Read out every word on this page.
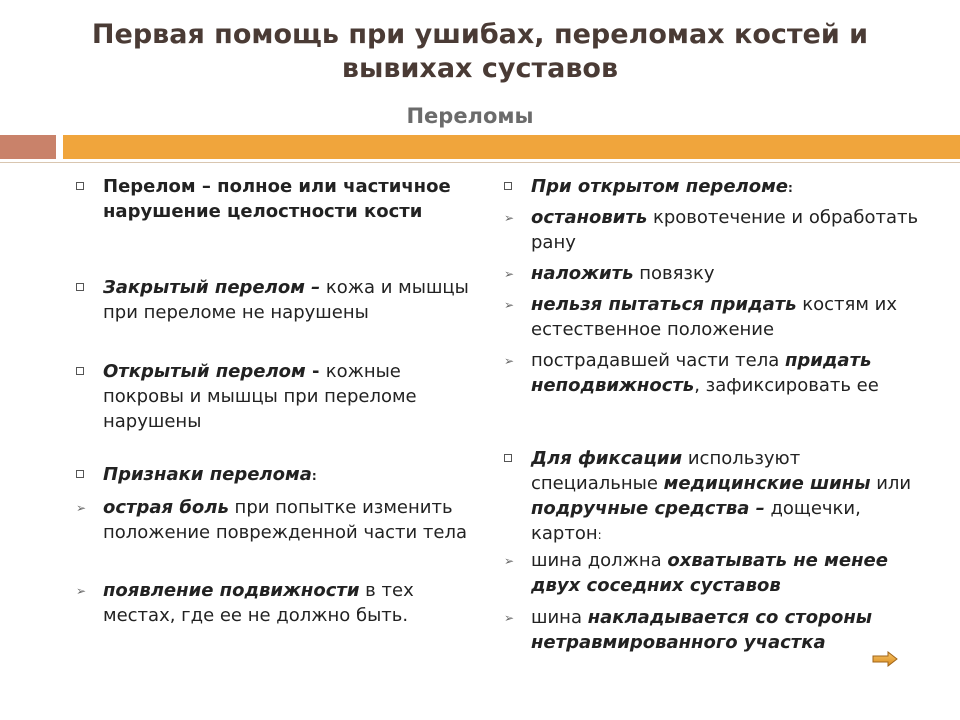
Первая помощь при ушибах, переломах костей и вывихах суставов
Переломы
Перелом – полное или частичное нарушение целостности кости
Закрытый перелом – кожа и мышцы при переломе не нарушены
Открытый перелом - кожные покровы и мышцы при переломе нарушены
Признаки перелома:
➢ острая боль при попытке изменить положение поврежденной части тела
➢ появление подвижности в тех местах, где ее не должно быть.
При открытом переломе:
➢ остановить кровотечение и обработать рану
➢ наложить повязку
➢ нельзя пытаться придать костям их естественное положение
➢ пострадавшей части тела придать неподвижность, зафиксировать ее
Для фиксации используют специальные медицинские шины или подручные средства – дощечки, картон:
➢ шина должна охватывать не менее двух соседних суставов
➢ шина накладывается со стороны нетравмированного участка
